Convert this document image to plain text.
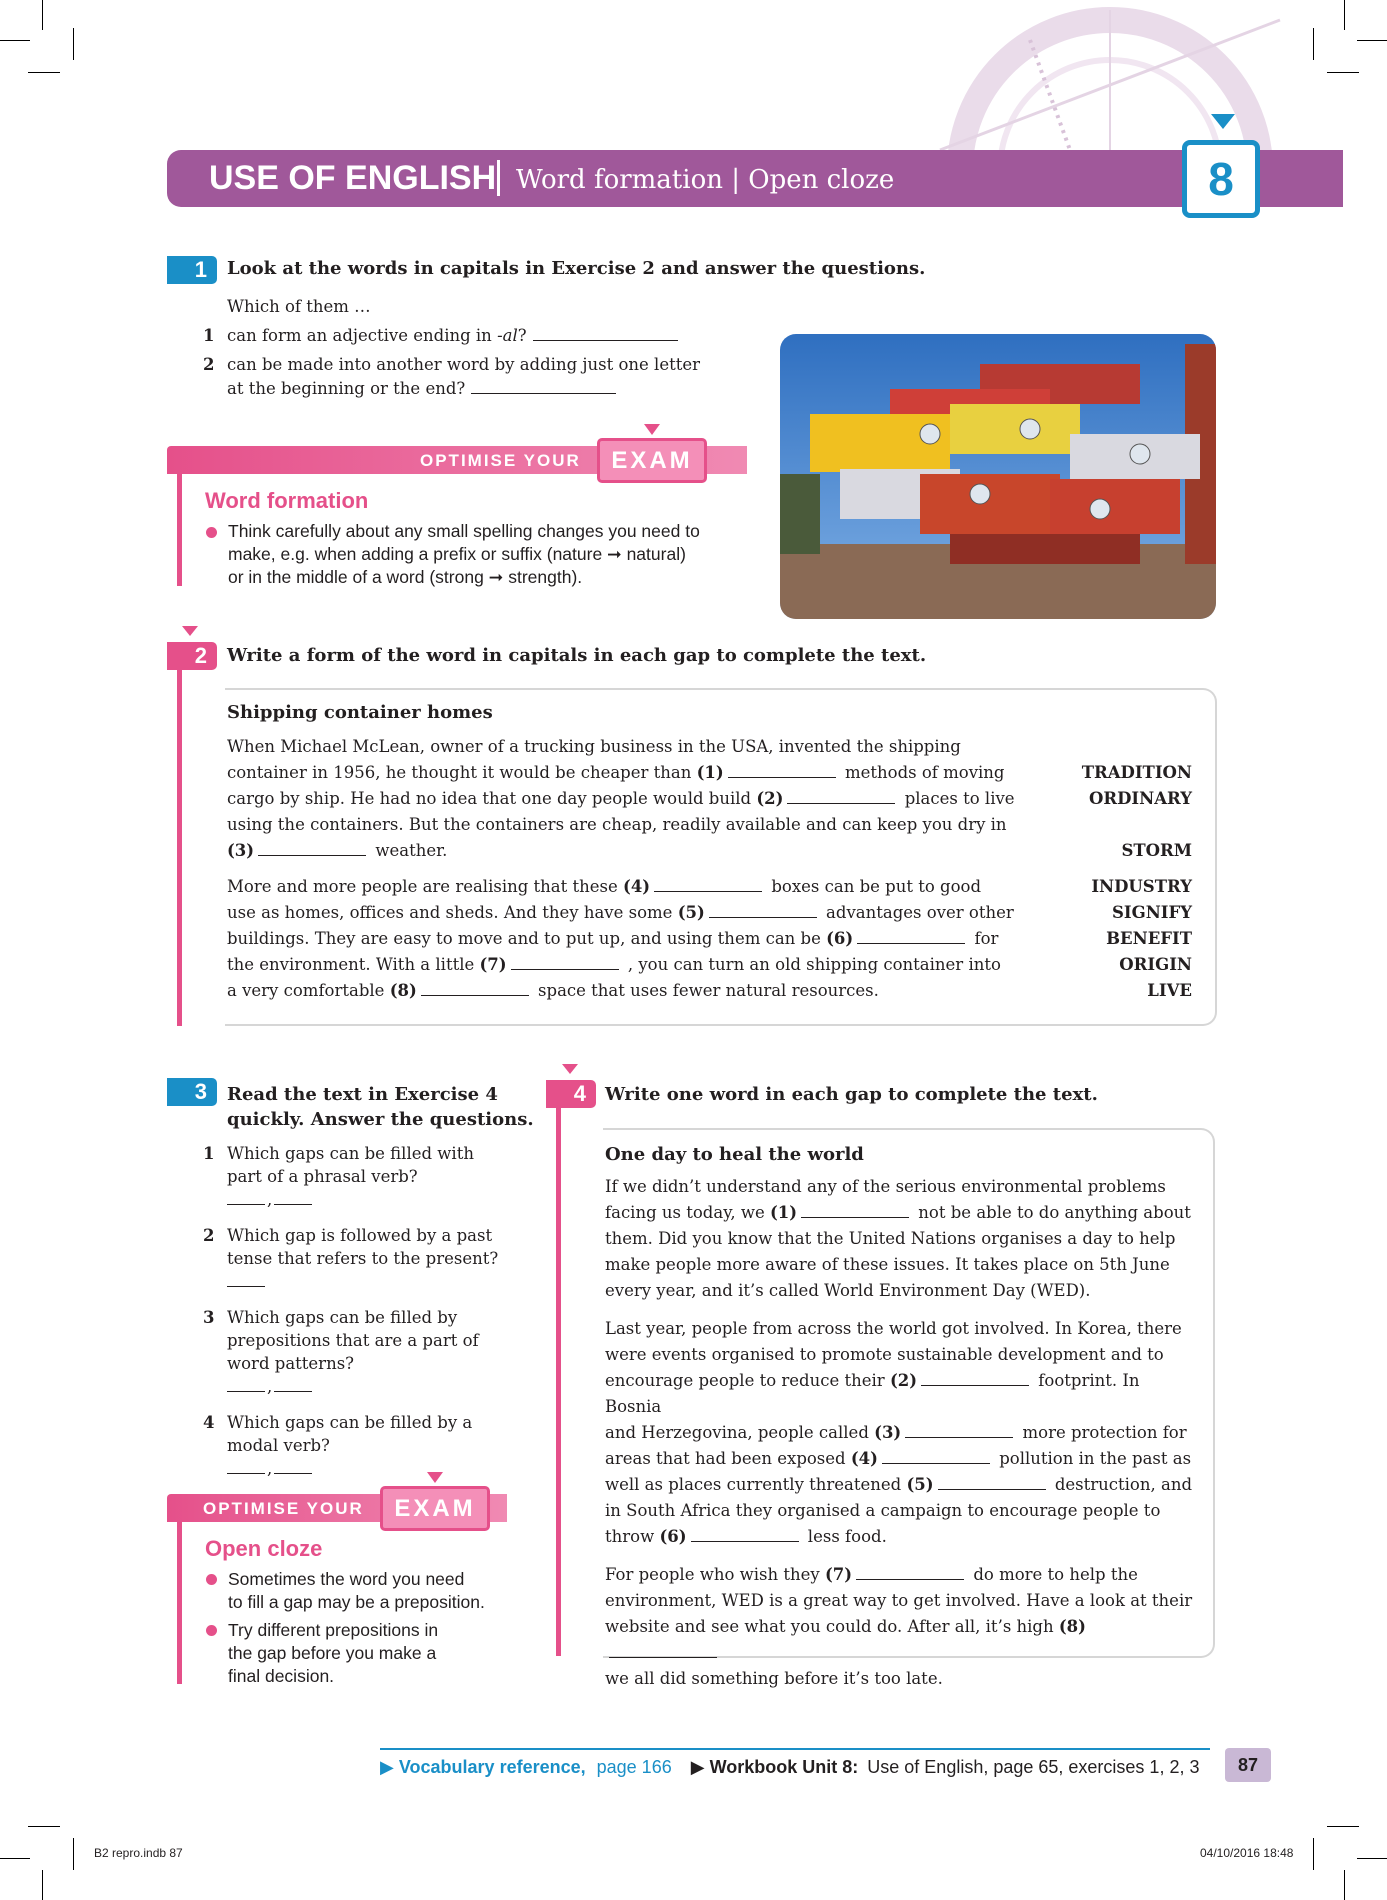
USE OF ENGLISH Word formation | Open cloze	8
1	Look at the words in capitals in Exercise 2 and answer the questions.
Which of them …
1 can form an adjective ending in -al?
2 can be made into another word by adding just one letter
at the beginning or the end?
OPTIMISE YOUR	EXAM
Word formation
Think carefully about any small spelling changes you need to
make, e.g. when adding a prefix or suffix (nature ➞ natural)
or in the middle of a word (strong ➞ strength).
2	Write a form of the word in capitals in each gap to complete the text.
Shipping container homes
When Michael McLean, owner of a trucking business in the USA, invented the shipping
container in 1956, he thought it would be cheaper than (1)	methods of moving	TRADITION
cargo by ship. He had no idea that one day people would build (2)	places to live	ORDINARY
using the containers. But the containers are cheap, readily available and can keep you dry in
(3)	weather.	STORM
More and more people are realising that these (4)	boxes can be put to good	INDUSTRY
use as homes, offices and sheds. And they have some (5)	advantages over other	SIGNIFY
buildings. They are easy to move and to put up, and using them can be (6)	for	BENEFIT
the environment. With a little (7)	, you can turn an old shipping container into	ORIGIN
a very comfortable (8)	space that uses fewer natural resources.	LIVE
3	Read the text in Exercise 4
quickly. Answer the questions.
1 Which gaps can be filled with
part of a phrasal verb?
,
2 Which gap is followed by a past
tense that refers to the present?
3 Which gaps can be filled by
prepositions that are a part of
word patterns?
,
4 Which gaps can be filled by a
modal verb?
,
OPTIMISE YOUR	EXAM
Open cloze
Sometimes the word you need
to fill a gap may be a preposition.
Try different prepositions in
the gap before you make a
final decision.
4	Write one word in each gap to complete the text.
One day to heal the world
If we didn’t understand any of the serious environmental problems
facing us today, we (1)	not be able to do anything about
them. Did you know that the United Nations organises a day to help
make people more aware of these issues. It takes place on 5th June
every year, and it’s called World Environment Day (WED).
Last year, people from across the world got involved. In Korea, there
were events organised to promote sustainable development and to
encourage people to reduce their (2)	footprint. In Bosnia
and Herzegovina, people called (3)	more protection for
areas that had been exposed (4)	pollution in the past as
well as places currently threatened (5)	destruction, and
in South Africa they organised a campaign to encourage people to
throw (6)	less food.
For people who wish they (7)	do more to help the
environment, WED is a great way to get involved. Have a look at their
website and see what you could do. After all, it’s high (8)
we all did something before it’s too late.
▶ Vocabulary reference, page 166 ▶ Workbook Unit 8: Use of English, page 65, exercises 1, 2, 3	87
B2 repro.indb 87	04/10/2016 18:48
